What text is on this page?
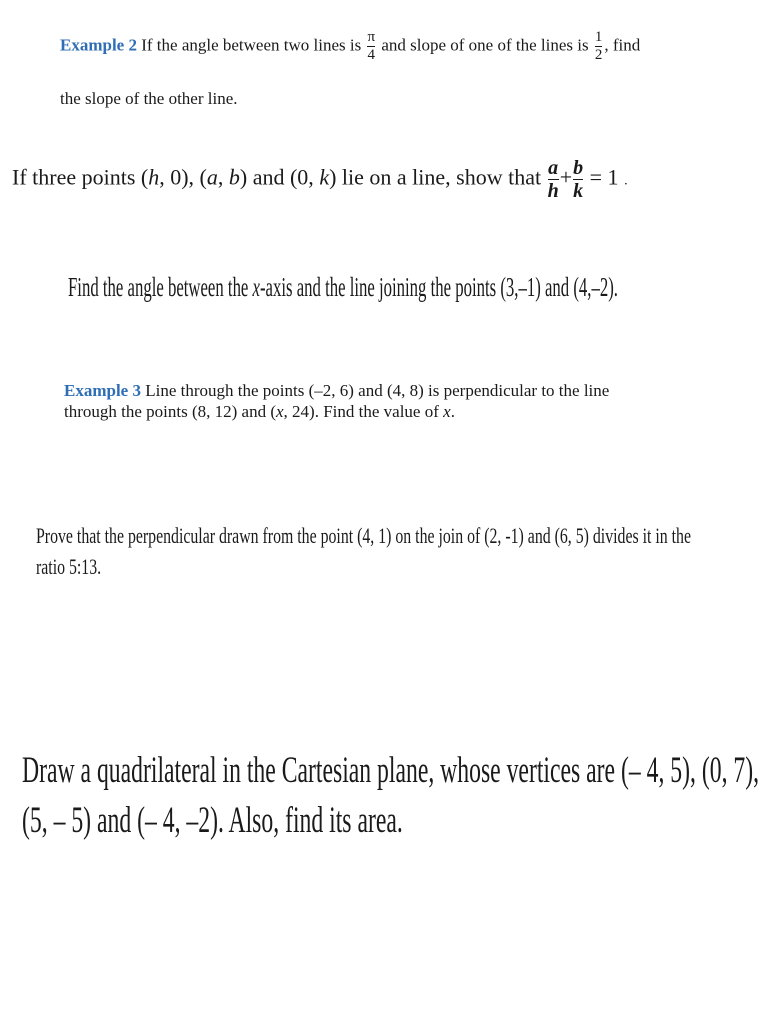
Example 2 If the angle between two lines is $\frac{\pi}{4}$ and slope of one of the lines is $\frac{1}{2}$ , find
the slope of the other line.
If three points (h, 0), (a, b) and (0, k) lie on a line, show that $\frac{a}{h} + \frac{b}{k} = 1$ .
Find the angle between the x-axis and the line joining the points (3,–1) and (4,–2).
Example 3 Line through the points (–2, 6) and (4, 8) is perpendicular to the line
through the points (8, 12) and (x, 24). Find the value of x.
Prove that the perpendicular drawn from the point (4, 1) on the join of (2, -1) and (6, 5) divides it in the
ratio 5:13.
Draw a quadrilateral in the Cartesian plane, whose vertices are (– 4, 5), (0, 7),
(5, – 5) and (– 4, –2). Also, find its area.
